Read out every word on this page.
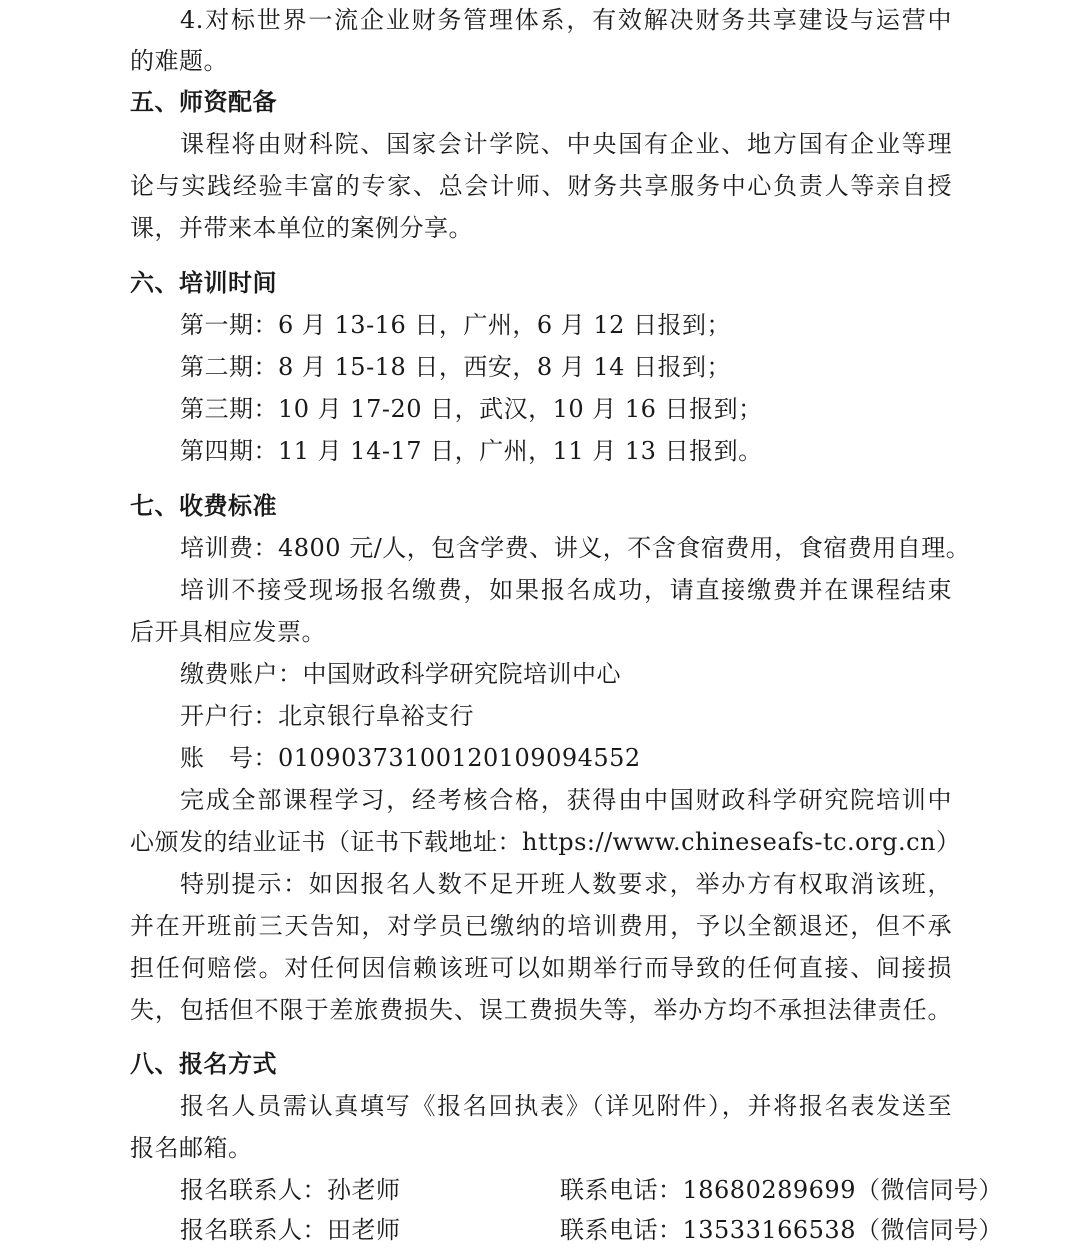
4.对标世界一流企业财务管理体系，有效解决财务共享建设与运营中
的难题。
五、师资配备
课程将由财科院、国家会计学院、中央国有企业、地方国有企业等理
论与实践经验丰富的专家、总会计师、财务共享服务中心负责人等亲自授
课，并带来本单位的案例分享。
六、培训时间
第一期：6 月 13-16 日，广州，6 月 12 日报到；
第二期：8 月 15-18 日，西安，8 月 14 日报到；
第三期：10 月 17-20 日，武汉，10 月 16 日报到；
第四期：11 月 14-17 日，广州，11 月 13 日报到。
七、收费标准
培训费：4800 元/人，包含学费、讲义，不含食宿费用，食宿费用自理。
培训不接受现场报名缴费，如果报名成功，请直接缴费并在课程结束
后开具相应发票。
缴费账户：中国财政科学研究院培训中心
开户行：北京银行阜裕支行
账　号：01090373100120109094552
完成全部课程学习，经考核合格，获得由中国财政科学研究院培训中
心颁发的结业证书（证书下载地址：https://www.chineseafs-tc.org.cn）
特别提示：如因报名人数不足开班人数要求，举办方有权取消该班，
并在开班前三天告知，对学员已缴纳的培训费用，予以全额退还，但不承
担任何赔偿。对任何因信赖该班可以如期举行而导致的任何直接、间接损
失，包括但不限于差旅费损失、误工费损失等，举办方均不承担法律责任。
八、报名方式
报名人员需认真填写《报名回执表》（详见附件），并将报名表发送至
报名邮箱。
报名联系人：孙老师	联系电话：18680289699（微信同号）
报名联系人：田老师	联系电话：13533166538（微信同号）
